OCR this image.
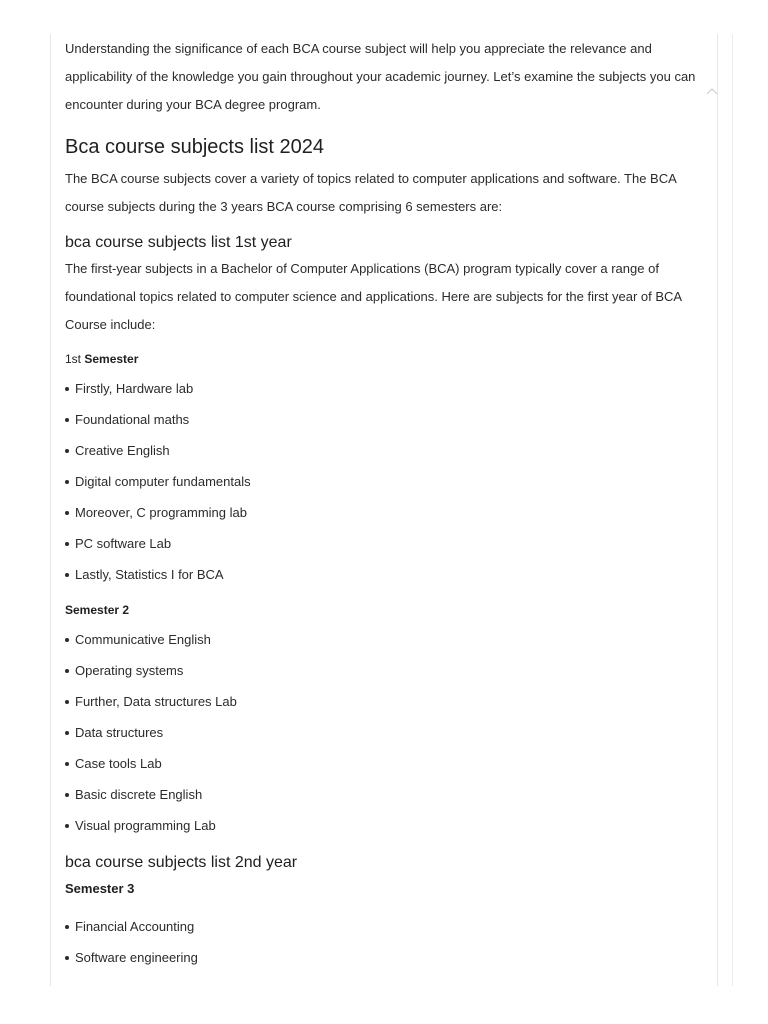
Understanding the significance of each BCA course subject will help you appreciate the relevance and applicability of the knowledge you gain throughout your academic journey. Let’s examine the subjects you can encounter during your BCA degree program.

Bca course subjects list 2024

The BCA course subjects cover a variety of topics related to computer applications and software. The BCA course subjects during the 3 years BCA course comprising 6 semesters are:

bca course subjects list 1st year

The first-year subjects in a Bachelor of Computer Applications (BCA) program typically cover a range of foundational topics related to computer science and applications. Here are subjects for the first year of BCA Course include:

1st Semester
Firstly, Hardware lab
Foundational maths
Creative English
Digital computer fundamentals
Moreover, C programming lab
PC software Lab
Lastly, Statistics I for BCA
Semester 2
Communicative English
Operating systems
Further, Data structures Lab
Data structures
Case tools Lab
Basic discrete English
Visual programming Lab
bca course subjects list 2nd year
Semester 3
Financial Accounting
Software engineering
